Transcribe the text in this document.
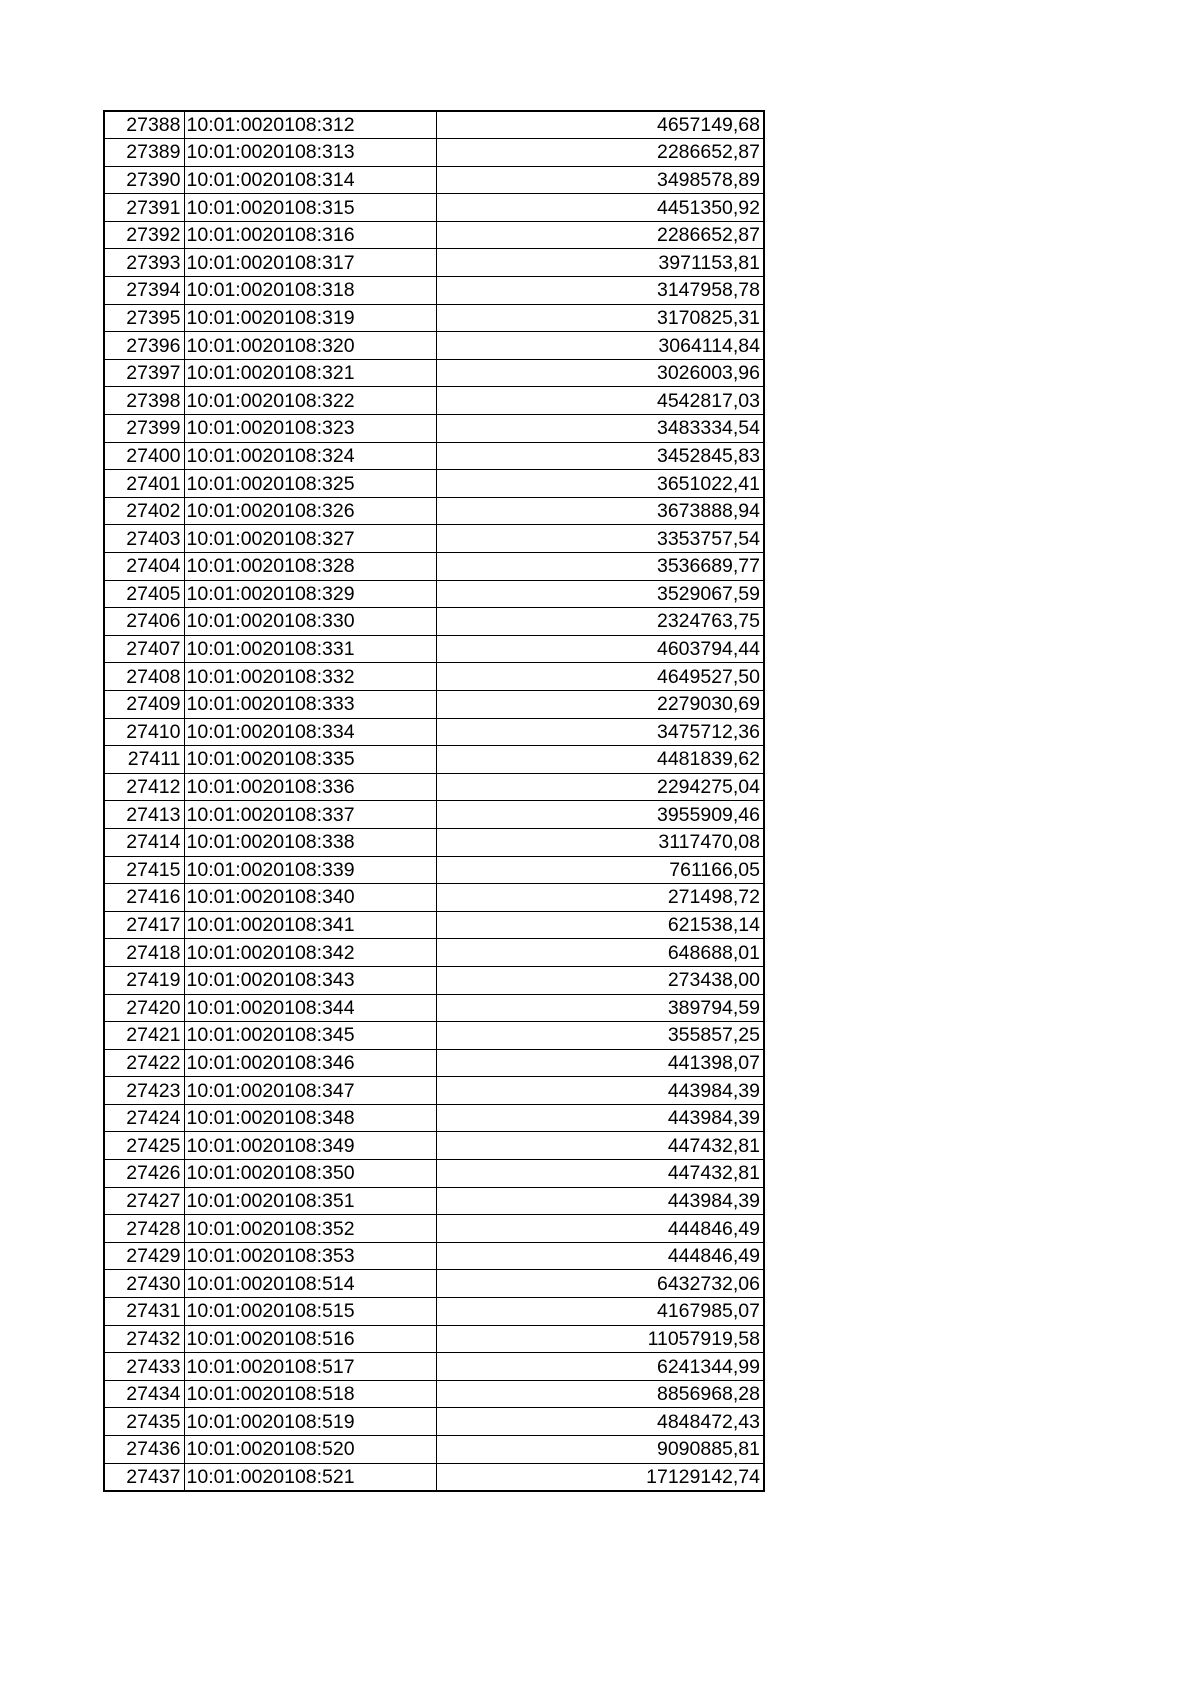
27388	10:01:0020108:312	4657149,68
27389	10:01:0020108:313	2286652,87
27390	10:01:0020108:314	3498578,89
27391	10:01:0020108:315	4451350,92
27392	10:01:0020108:316	2286652,87
27393	10:01:0020108:317	3971153,81
27394	10:01:0020108:318	3147958,78
27395	10:01:0020108:319	3170825,31
27396	10:01:0020108:320	3064114,84
27397	10:01:0020108:321	3026003,96
27398	10:01:0020108:322	4542817,03
27399	10:01:0020108:323	3483334,54
27400	10:01:0020108:324	3452845,83
27401	10:01:0020108:325	3651022,41
27402	10:01:0020108:326	3673888,94
27403	10:01:0020108:327	3353757,54
27404	10:01:0020108:328	3536689,77
27405	10:01:0020108:329	3529067,59
27406	10:01:0020108:330	2324763,75
27407	10:01:0020108:331	4603794,44
27408	10:01:0020108:332	4649527,50
27409	10:01:0020108:333	2279030,69
27410	10:01:0020108:334	3475712,36
27411	10:01:0020108:335	4481839,62
27412	10:01:0020108:336	2294275,04
27413	10:01:0020108:337	3955909,46
27414	10:01:0020108:338	3117470,08
27415	10:01:0020108:339	761166,05
27416	10:01:0020108:340	271498,72
27417	10:01:0020108:341	621538,14
27418	10:01:0020108:342	648688,01
27419	10:01:0020108:343	273438,00
27420	10:01:0020108:344	389794,59
27421	10:01:0020108:345	355857,25
27422	10:01:0020108:346	441398,07
27423	10:01:0020108:347	443984,39
27424	10:01:0020108:348	443984,39
27425	10:01:0020108:349	447432,81
27426	10:01:0020108:350	447432,81
27427	10:01:0020108:351	443984,39
27428	10:01:0020108:352	444846,49
27429	10:01:0020108:353	444846,49
27430	10:01:0020108:514	6432732,06
27431	10:01:0020108:515	4167985,07
27432	10:01:0020108:516	11057919,58
27433	10:01:0020108:517	6241344,99
27434	10:01:0020108:518	8856968,28
27435	10:01:0020108:519	4848472,43
27436	10:01:0020108:520	9090885,81
27437	10:01:0020108:521	17129142,74
